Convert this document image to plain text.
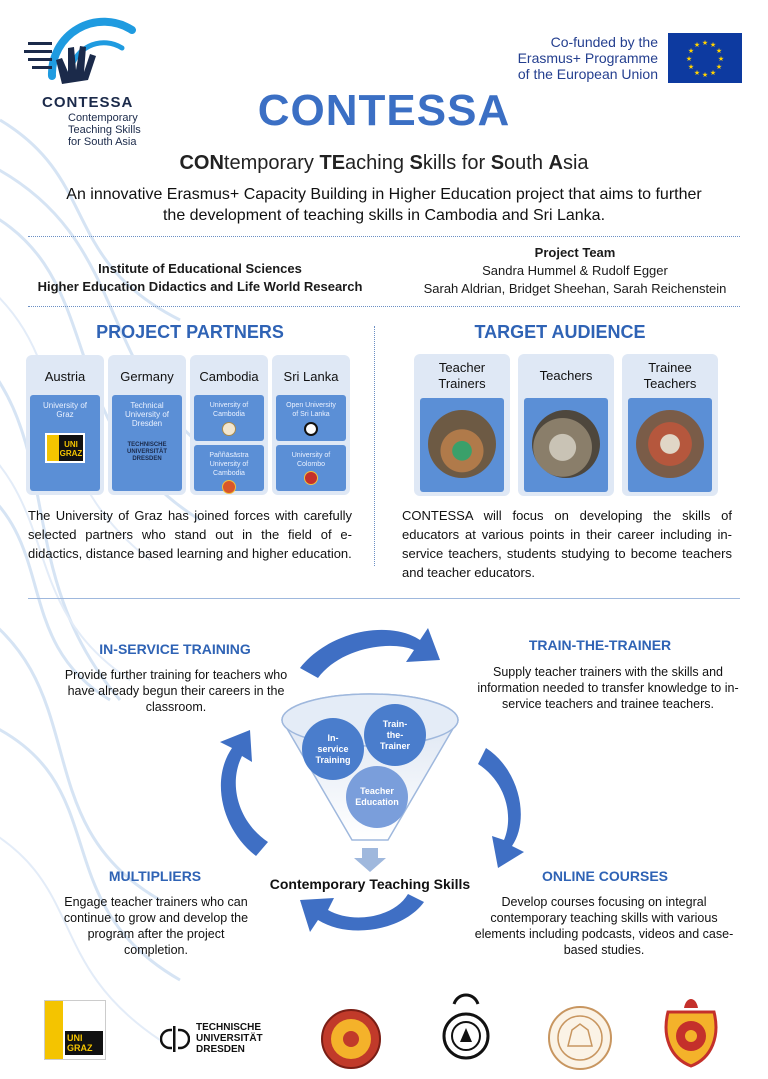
CONTESSA
Contemporary
Teaching Skills
for South Asia
Co-funded by the
Erasmus+ Programme
of the European Union
★ ★
★
★
★
★
★
★
★
★
★
★
CONTESSA
CONtemporary TEaching Skills for South Asia
An innovative Erasmus+ Capacity Building in Higher Education project that aims to further the development of teaching skills in Cambodia and Sri Lanka.
Institute of Educational Sciences
Higher Education Didactics and Life World Research
Project Team
Sandra Hummel & Rudolf Egger
Sarah Aldrian, Bridget Sheehan, Sarah Reichenstein
PROJECT PARTNERS
Austria
University of Graz
UNI
GRAZ
Germany
Technical University of Dresden
TECHNISCHE
UNIVERSITÄT
DRESDEN
Cambodia
University of Cambodia
Paññāsāstra University of Cambodia
Sri Lanka
Open University of Sri Lanka
University of Colombo
The University of Graz has joined forces with carefully selected partners who stand out in the field of e-didactics, distance based learning and higher education.
TARGET AUDIENCE
Teacher Trainers
Teachers
Trainee Teachers
CONTESSA will focus on developing the skills of educators at various points in their career including in-service teachers, students studying to become teachers and teacher educators.
In-service Training
Train-the-Trainer
Teacher Education
IN-SERVICE TRAINING
Provide further training for teachers who have already begun their careers in the classroom.
TRAIN-THE-TRAINER
Supply teacher trainers with the skills and information needed to transfer knowledge to in-service teachers and trainee teachers.
MULTIPLIERS
Engage teacher trainers who can continue to grow and develop the program after the project completion.
ONLINE COURSES
Develop courses focusing on integral contemporary teaching skills with various elements including podcasts, videos and case-based studies.
Contemporary Teaching Skills
UNI GRAZ
TECHNISCHE
UNIVERSITÄT
DRESDEN
